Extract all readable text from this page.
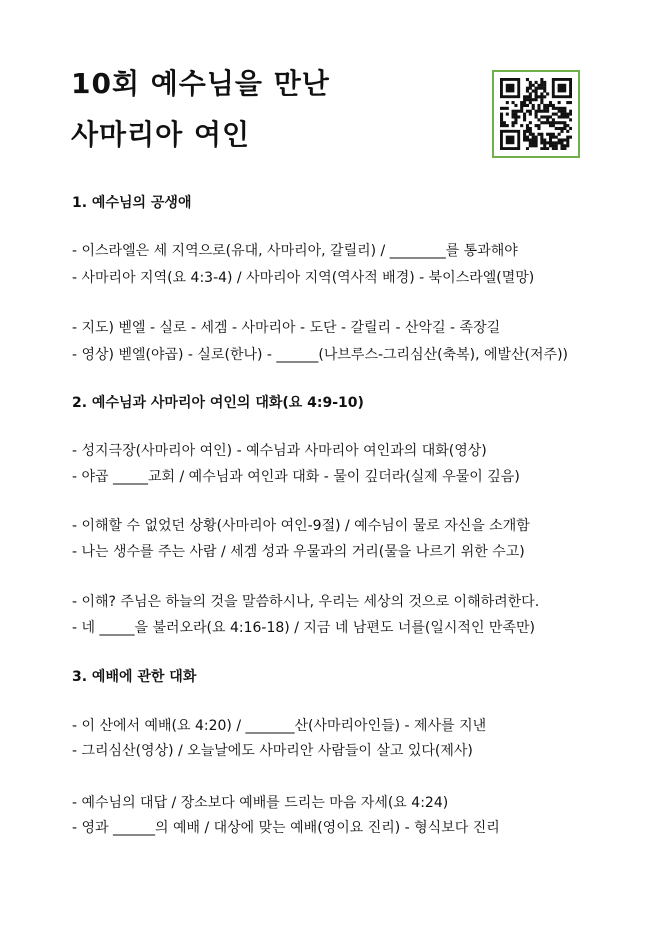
10회 예수님을 만난
사마리아 여인
1. 예수님의 공생애
- 이스라엘은 세 지역으로(유대, 사마리아, 갈릴리) / ________를 통과해야
- 사마리아 지역(요 4:3-4) / 사마리아 지역(역사적 배경) - 북이스라엘(멸망)
- 지도) 벧엘 - 실로 - 세겜 - 사마리아 - 도단 - 갈릴리 - 산악길 - 족장길
- 영상) 벧엘(야곱) - 실로(한나) - ______(나브루스-그리심산(축복), 에발산(저주))
2. 예수님과 사마리아 여인의 대화(요 4:9-10)
- 성지극장(사마리아 여인) - 예수님과 사마리아 여인과의 대화(영상)
- 야곱 _____교회 / 예수님과 여인과 대화 - 물이 깊더라(실제 우물이 깊음)
- 이해할 수 없었던 상황(사마리아 여인-9절) / 예수님이 물로 자신을 소개함
- 나는 생수를 주는 사람 / 세겜 성과 우물과의 거리(물을 나르기 위한 수고)
- 이해? 주님은 하늘의 것을 말씀하시나, 우리는 세상의 것으로 이해하려한다.
- 네 _____을 불러오라(요 4:16-18) / 지금 네 남편도 너를(일시적인 만족만)
3. 예배에 관한 대화
- 이 산에서 예배(요 4:20) / _______산(사마리아인들) - 제사를 지낸
- 그리심산(영상) / 오늘날에도 사마리안 사람들이 살고 있다(제사)
- 예수님의 대답 / 장소보다 예배를 드리는 마음 자세(요 4:24)
- 영과 ______의 예배 / 대상에 맞는 예배(영이요 진리) - 형식보다 진리
